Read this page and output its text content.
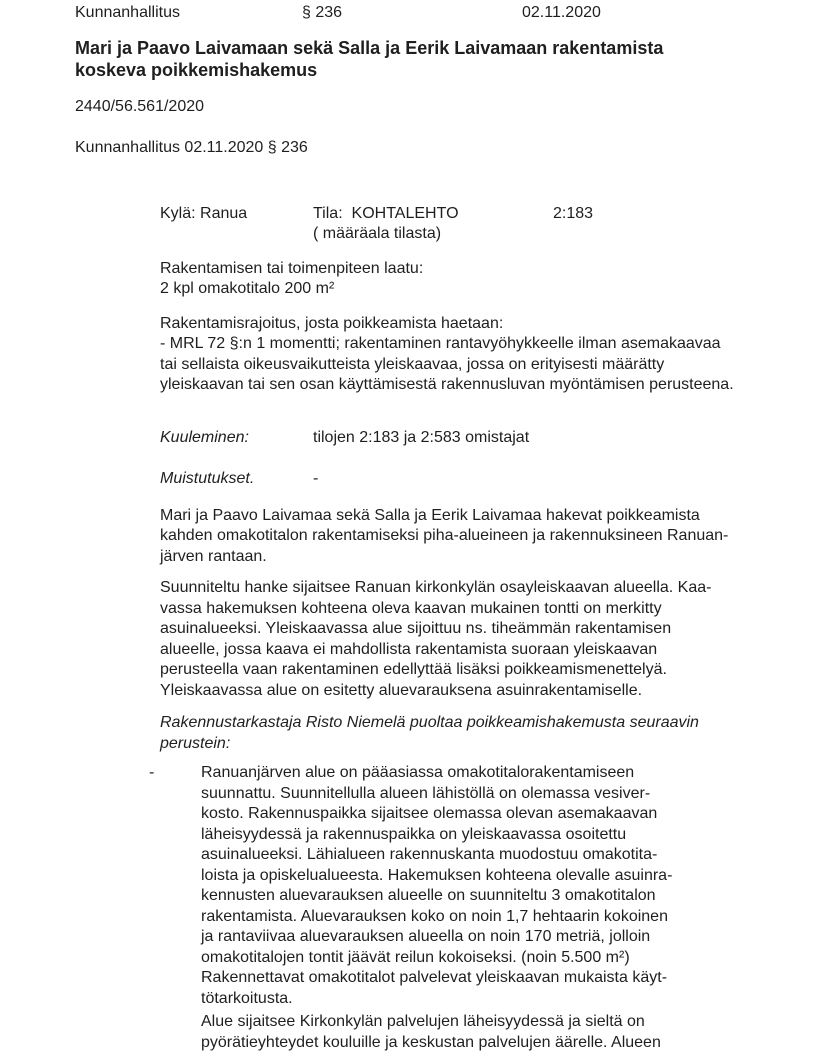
Kunnanhallitus	§ 236	02.11.2020
Mari ja Paavo Laivamaan sekä Salla ja Eerik Laivamaan rakentamista
koskeva poikkemishakemus
2440/56.561/2020
Kunnanhallitus 02.11.2020 § 236
Kylä: Ranua	Tila:  KOHTALEHTO	2:183
( määräala tilasta)
Rakentamisen tai toimenpiteen laatu:
2 kpl omakotitalo 200 m²
Rakentamisrajoitus, josta poikkeamista haetaan:
- MRL 72 §:n 1 momentti; rakentaminen rantavyöhykkeelle ilman asemakaavaa
tai sellaista oikeusvaikutteista yleiskaavaa, jossa on erityisesti määrätty
yleiskaavan tai sen osan käyttämisestä rakennusluvan myöntämisen perusteena.
Kuuleminen:	tilojen 2:183 ja 2:583 omistajat
Muistutukset.	-
Mari ja Paavo Laivamaa sekä Salla ja Eerik Laivamaa hakevat poikkeamista
kahden omakotitalon rakentamiseksi piha-alueineen ja rakennuksineen Ranuan-
järven rantaan.
Suunniteltu hanke sijaitsee Ranuan kirkonkylän osayleiskaavan alueella. Kaa-
vassa hakemuksen kohteena oleva kaavan mukainen tontti on merkitty
asuinalueeksi. Yleiskaavassa alue sijoittuu ns. tiheämmän rakentamisen
alueelle, jossa kaava ei mahdollista rakentamista suoraan yleiskaavan
perusteella vaan rakentaminen edellyttää lisäksi poikkeamismenettelyä.
Yleiskaavassa alue on esitetty aluevarauksena asuinrakentamiselle.
Rakennustarkastaja Risto Niemelä puoltaa poikkeamishakemusta seuraavin
perustein:
-	Ranuanjärven alue on pääasiassa omakotitalorakentamiseen
suunnattu. Suunnitellulla alueen lähistöllä on olemassa vesiver-
kosto. Rakennuspaikka sijaitsee olemassa olevan asemakaavan
läheisyydessä ja rakennuspaikka on yleiskaavassa osoitettu
asuinalueeksi. Lähialueen rakennuskanta muodostuu omakotita-
loista ja opiskelualueesta. Hakemuksen kohteena olevalle asuinra-
kennusten aluevarauksen alueelle on suunniteltu 3 omakotitalon
rakentamista. Aluevarauksen koko on noin 1,7 hehtaarin kokoinen
ja rantaviivaa aluevarauksen alueella on noin 170 metriä, jolloin
omakotitalojen tontit jäävät reilun kokoiseksi. (noin 5.500 m²)
Rakennettavat omakotitalot palvelevat yleiskaavan mukaista käyt-
tötarkoitusta.
Alue sijaitsee Kirkonkylän palvelujen läheisyydessä ja sieltä on
pyörätieyhteydet kouluille ja keskustan palvelujen äärelle. Alueen
